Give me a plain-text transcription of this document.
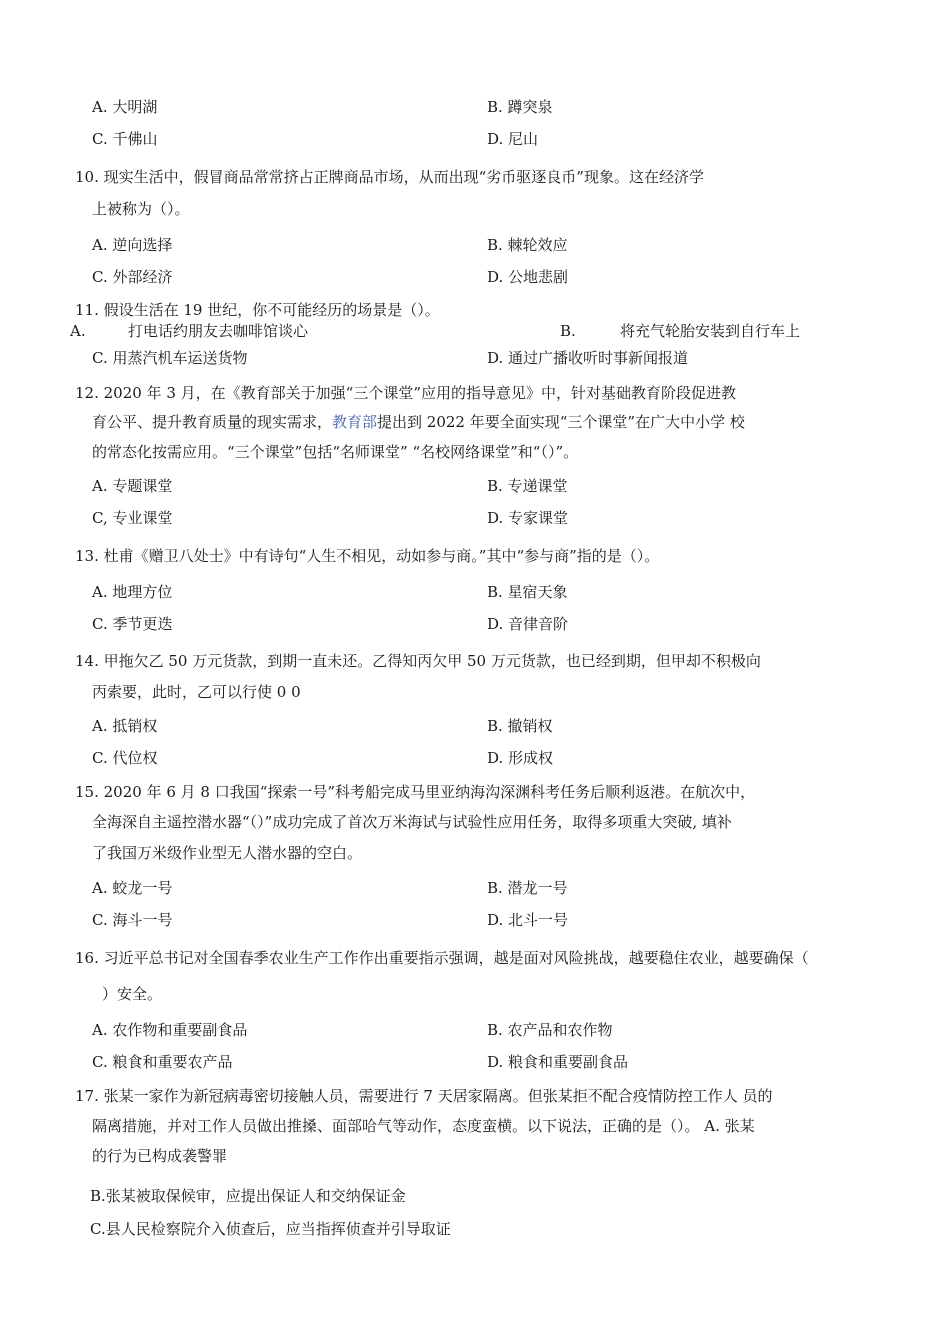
A. 大明湖	B. 蹲突泉
C. 千佛山	D. 尼山
10. 现实生活中，假冒商品常常挤占正牌商品市场，从而出现“劣币驱逐良币”现象。这在经济学
上被称为（）。
A. 逆向选择	B. 棘轮效应
C. 外部经济	D. 公地悲剧
11. 假设生活在 19 世纪，你不可能经历的场景是（）。
A.	打电话约朋友去咖啡馆谈心	B.	将充气轮胎安装到自行车上
C. 用蒸汽机车运送货物	D. 通过广播收听时事新闻报道
12. 2020 年 3 月，在《教育部关于加强“三个课堂”应用的指导意见》中，针对基础教育阶段促进教
育公平、提升教育质量的现实需求，教育部提出到 2022 年要全面实现“三个课堂”在广大中小学 校
的常态化按需应用。“三个课堂”包括“名师课堂” “名校网络课堂”和“（）”。
A. 专题课堂	B. 专递课堂
C, 专业课堂	D. 专家课堂
13. 杜甫《赠卫八处士》中有诗句“人生不相见，动如参与商。”其中“参与商”指的是（）。
A. 地理方位	B. 星宿天象
C. 季节更迭	D. 音律音阶
14. 甲拖欠乙 50 万元货款，到期一直未还。乙得知丙欠甲 50 万元货款，也已经到期，但甲却不积极向
丙索要，此时，乙可以行使 0 0
A. 抵销权	B. 撤销权
C. 代位权	D. 形成权
15. 2020 年 6 月 8 口我国“探索一号”科考船完成马里亚纳海沟深渊科考任务后顺利返港。在航次中，
全海深自主遥控潜水器“（）”成功完成了首次万米海试与试验性应用任务，取得多项重大突破, 填补
了我国万米级作业型无人潜水器的空白。
A. 蛟龙一号	B. 潜龙一号
C. 海斗一号	D. 北斗一号
16. 习近平总书记对全国春季农业生产工作作出重要指示强调，越是面对风险挑战，越要稳住农业，越要确保（
）安全。
A. 农作物和重要副食品	B. 农产品和农作物
C. 粮食和重要农产品	D. 粮食和重要副食品
17. 张某一家作为新冠病毒密切接触人员，需要进行 7 天居家隔离。但张某拒不配合疫情防控工作人 员的
隔离措施，并对工作人员做出推搡、面部哈气等动作，态度蛮横。以下说法，正确的是（）。 A. 张某
的行为已构成袭警罪
B.张某被取保候审，应提出保证人和交纳保证金
C.县人民检察院介入侦查后，应当指挥侦查并引导取证
